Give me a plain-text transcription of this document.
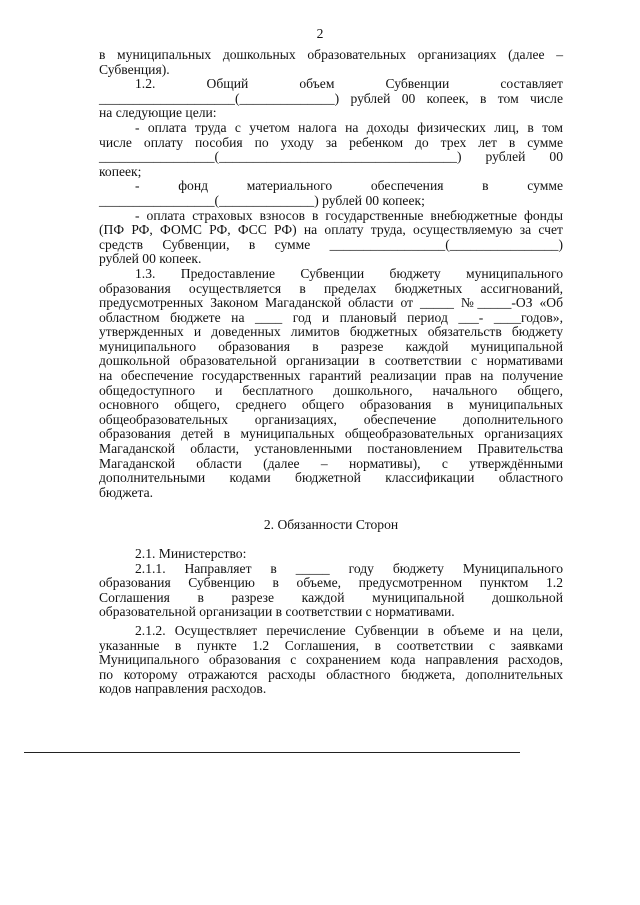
2
в муниципальных дошкольных образовательных организациях (далее –
Субвенция).
1.2. Общий объем Субвенции составляет
____________________(______________) рублей 00 копеек, в том числе
на следующие цели:
- оплата труда с учетом налога на доходы физических лиц, в том
числе оплату пособия по уходу за ребенком до трех лет в сумме
_________________(___________________________________) рублей 00
копеек;
- фонд материального обеспечения в сумме
_________________(______________) рублей 00 копеек;
- оплата страховых взносов в государственные внебюджетные фонды
(ПФ РФ, ФОМС РФ, ФСС РФ) на оплату труда, осуществляемую за счет
средств Субвенции, в сумме _________________(________________)
рублей 00 копеек.
1.3. Предоставление Субвенции бюджету муниципального
образования осуществляется в пределах бюджетных ассигнований,
предусмотренных Законом Магаданской области от _____ №_____-ОЗ «Об
областном бюджете на ____ год и плановый период ___- ____годов»,
утвержденных и доведенных лимитов бюджетных обязательств бюджету
муниципального образования в разрезе каждой муниципальной
дошкольной образовательной организации в соответствии с нормативами
на обеспечение государственных гарантий реализации прав на получение
общедоступного и бесплатного дошкольного, начального общего,
основного общего, среднего общего образования в муниципальных
общеобразовательных организациях, обеспечение дополнительного
образования детей в муниципальных общеобразовательных организациях
Магаданской области, установленными постановлением Правительства
Магаданской области (далее – нормативы), с утверждёнными
дополнительными кодами бюджетной классификации областного
бюджета.
2. Обязанности Сторон
2.1. Министерство:
2.1.1. Направляет в _____ году бюджету Муниципального
образования Субвенцию в объеме, предусмотренном пунктом 1.2
Соглашения в разрезе каждой муниципальной дошкольной
образовательной организации в соответствии с нормативами.
2.1.2. Осуществляет перечисление Субвенции в объеме и на цели,
указанные в пункте 1.2 Соглашения, в соответствии с заявками
Муниципального образования с сохранением кода направления расходов,
по которому отражаются расходы областного бюджета, дополнительных
кодов направления расходов.
